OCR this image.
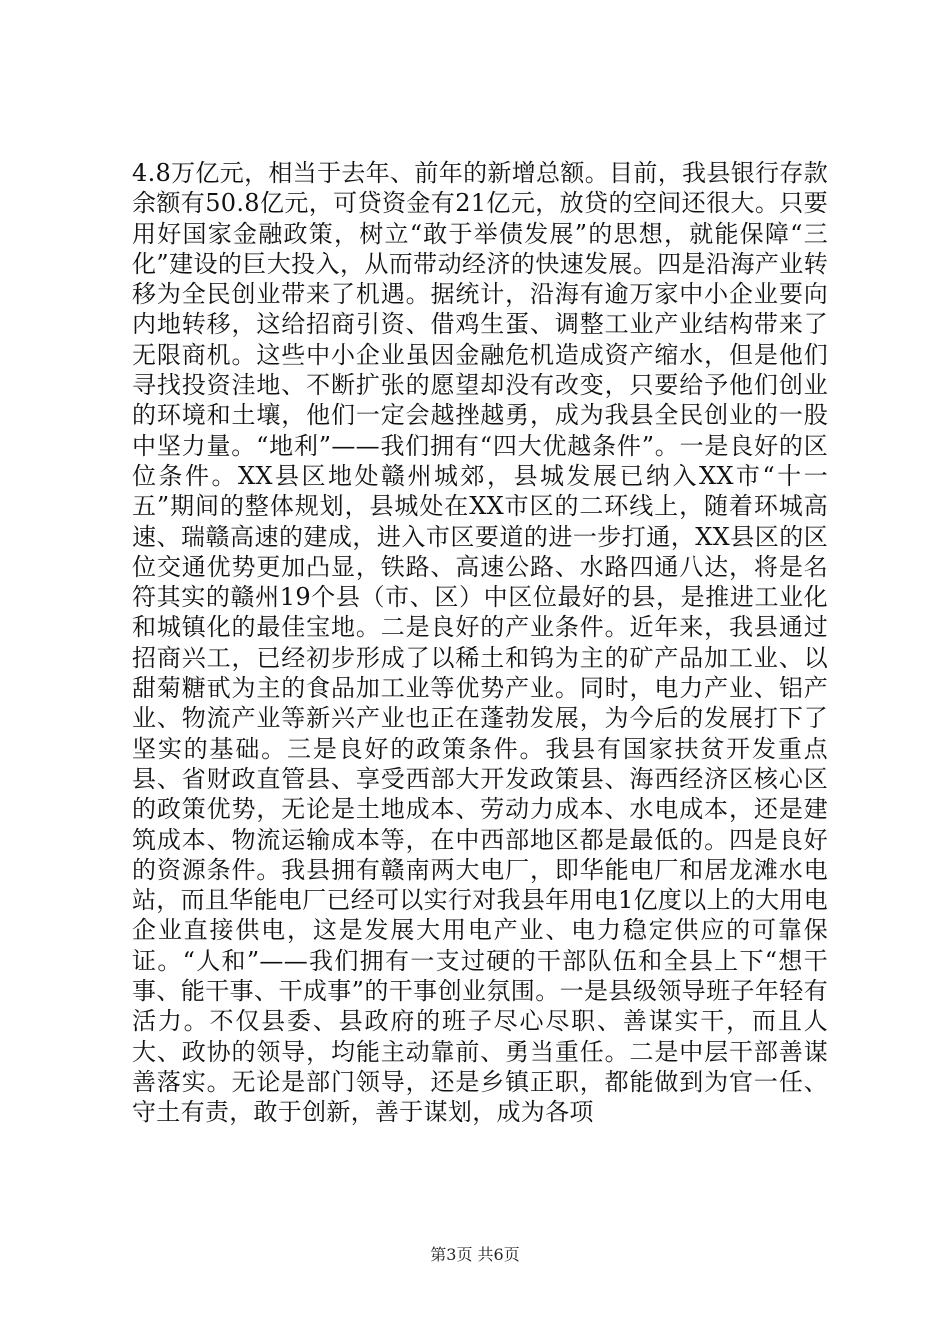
4.8万亿元，相当于去年、前年的新增总额。目前，我县银行存款余额有50.8亿元，可贷资金有21亿元，放贷的空间还很大。只要用好国家金融政策，树立“敢于举债发展”的思想，就能保障“三化”建设的巨大投入，从而带动经济的快速发展。四是沿海产业转移为全民创业带来了机遇。据统计，沿海有逾万家中小企业要向内地转移，这给招商引资、借鸡生蛋、调整工业产业结构带来了无限商机。这些中小企业虽因金融危机造成资产缩水，但是他们寻找投资洼地、不断扩张的愿望却没有改变，只要给予他们创业的环境和土壤，他们一定会越挫越勇，成为我县全民创业的一股中坚力量。“地利”——我们拥有“四大优越条件”。一是良好的区位条件。XX县区地处赣州城郊，县城发展已纳入XX市“十一五”期间的整体规划，县城处在XX市区的二环线上，随着环城高速、瑞赣高速的建成，进入市区要道的进一步打通，XX县区的区位交通优势更加凸显，铁路、高速公路、水路四通八达，将是名符其实的赣州19个县（市、区）中区位最好的县，是推进工业化和城镇化的最佳宝地。二是良好的产业条件。近年来，我县通过招商兴工，已经初步形成了以稀土和钨为主的矿产品加工业、以甜菊糖甙为主的食品加工业等优势产业。同时，电力产业、铝产业、物流产业等新兴产业也正在蓬勃发展，为今后的发展打下了坚实的基础。三是良好的政策条件。我县有国家扶贫开发重点县、省财政直管县、享受西部大开发政策县、海西经济区核心区的政策优势，无论是土地成本、劳动力成本、水电成本，还是建筑成本、物流运输成本等，在中西部地区都是最低的。四是良好的资源条件。我县拥有赣南两大电厂，即华能电厂和居龙滩水电站，而且华能电厂已经可以实行对我县年用电1亿度以上的大用电企业直接供电，这是发展大用电产业、电力稳定供应的可靠保证。“人和”——我们拥有一支过硬的干部队伍和全县上下“想干事、能干事、干成事”的干事创业氛围。一是县级领导班子年轻有活力。不仅县委、县政府的班子尽心尽职、善谋实干，而且人大、政协的领导，均能主动靠前、勇当重任。二是中层干部善谋善落实。无论是部门领导，还是乡镇正职，都能做到为官一任、守土有责，敢于创新，善于谋划，成为各项

第3页 共6页
